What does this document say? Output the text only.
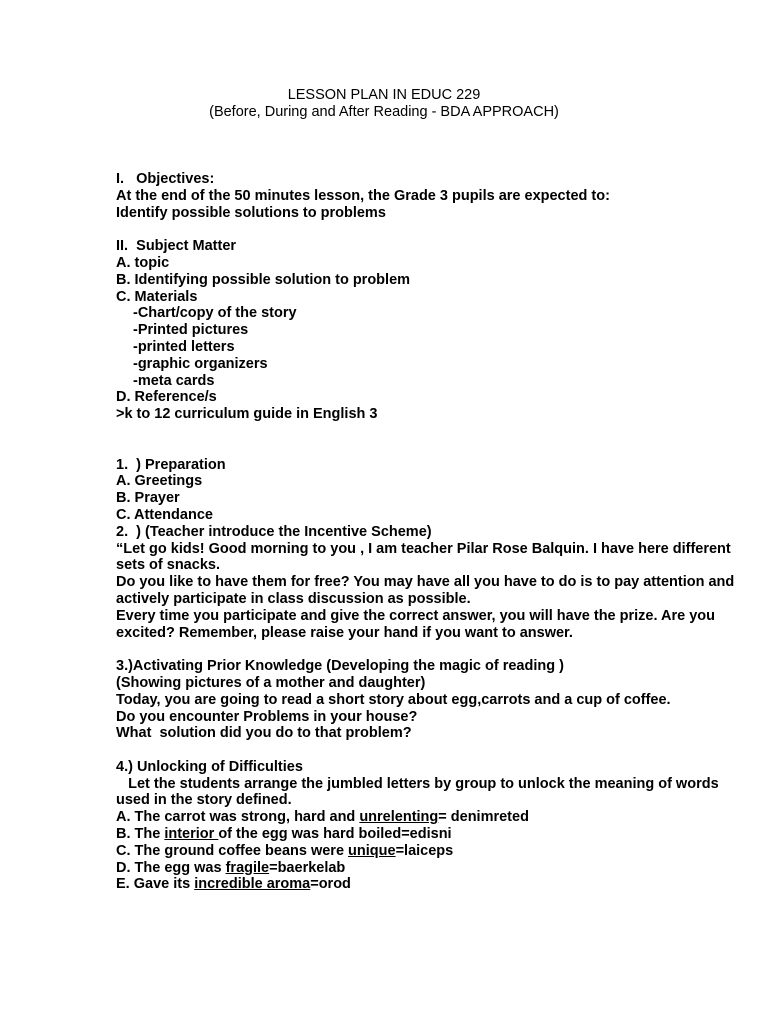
LESSON PLAN IN EDUC 229
(Before, During and After Reading - BDA APPROACH)
I.   Objectives:
At the end of the 50 minutes lesson, the Grade 3 pupils are expected to:
Identify possible solutions to problems
II.  Subject Matter
A. topic
B. Identifying possible solution to problem
C. Materials
-Chart/copy of the story
-Printed pictures
-printed letters
-graphic organizers
-meta cards
D. Reference/s
>k to 12 curriculum guide in English 3
1.  ) Preparation
A. Greetings
B. Prayer
C. Attendance
2.  ) (Teacher introduce the Incentive Scheme)
“Let go kids! Good morning to you , I am teacher Pilar Rose Balquin. I have here different sets of snacks.
Do you like to have them for free? You may have all you have to do is to pay attention and actively participate in class discussion as possible.
Every time you participate and give the correct answer, you will have the prize. Are you excited? Remember, please raise your hand if you want to answer.
3.)Activating Prior Knowledge (Developing the magic of reading )
(Showing pictures of a mother and daughter)
Today, you are going to read a short story about egg,carrots and a cup of coffee.
Do you encounter Problems in your house?
What  solution did you do to that problem?
4.) Unlocking of Difficulties
Let the students arrange the jumbled letters by group to unlock the meaning of words used in the story defined.
A. The carrot was strong, hard and unrelenting= denimreted
B. The interior of the egg was hard boiled=edisni
C. The ground coffee beans were unique=laiceps
D. The egg was fragile=baerkelab
E. Gave its incredible aroma=orod
